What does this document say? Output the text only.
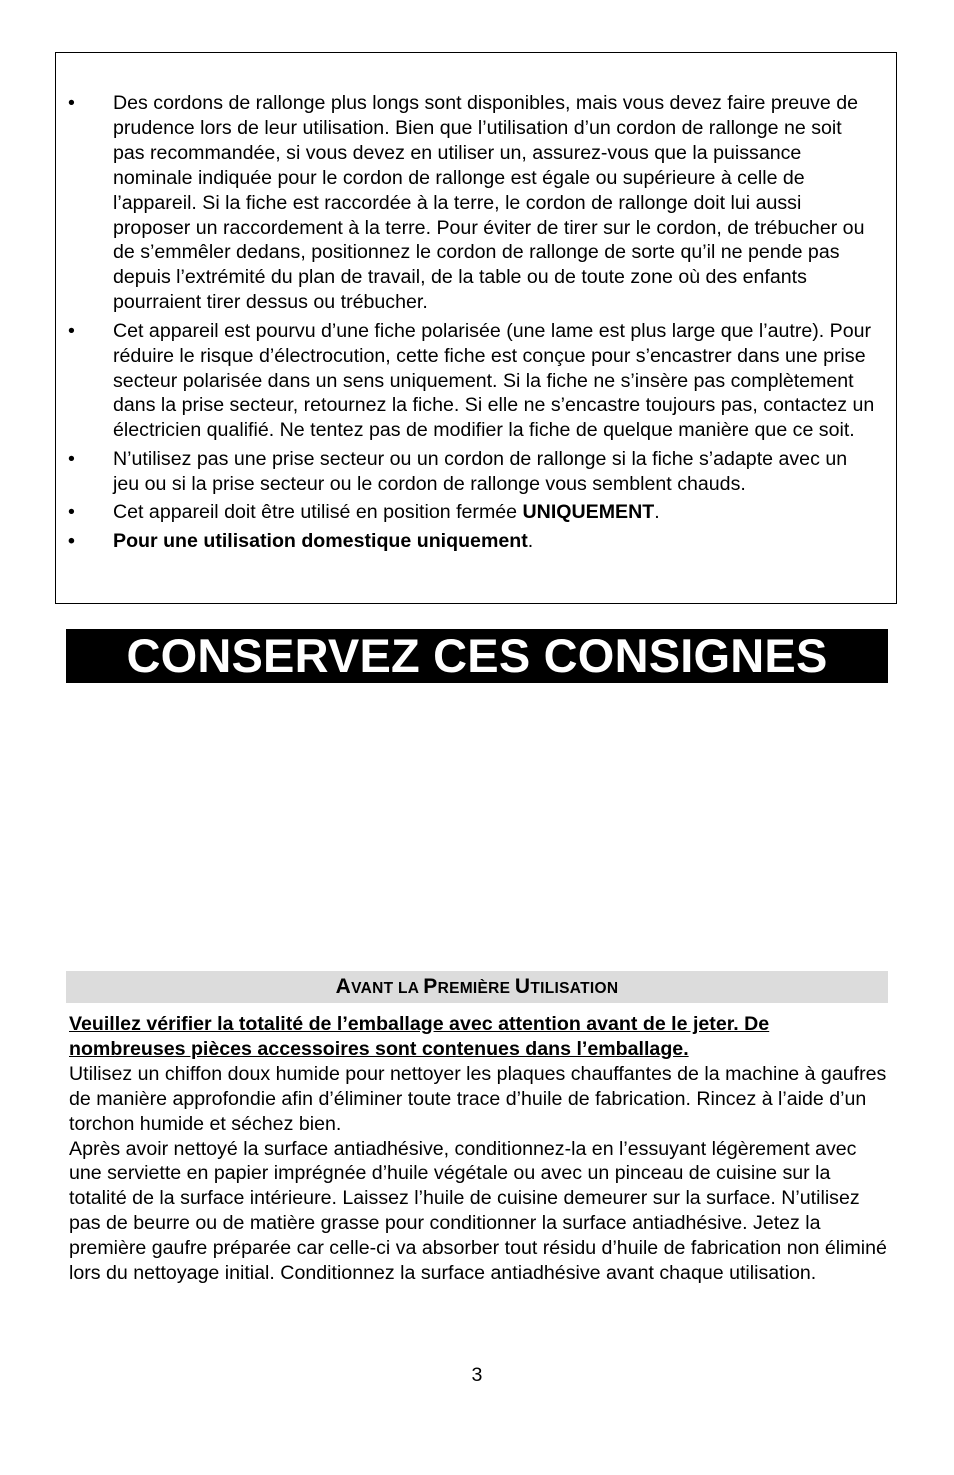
• Des cordons de rallonge plus longs sont disponibles, mais vous devez faire preuve de prudence lors de leur utilisation. Bien que l’utilisation d’un cordon de rallonge ne soit pas recommandée, si vous devez en utiliser un, assurez-vous que la puissance nominale indiquée pour le cordon de rallonge est égale ou supérieure à celle de l’appareil. Si la fiche est raccordée à la terre, le cordon de rallonge doit lui aussi proposer un raccordement à la terre. Pour éviter de tirer sur le cordon, de trébucher ou de s’emmêler dedans, positionnez le cordon de rallonge de sorte qu’il ne pende pas depuis l’extrémité du plan de travail, de la table ou de toute zone où des enfants pourraient tirer dessus ou trébucher.
• Cet appareil est pourvu d’une fiche polarisée (une lame est plus large que l’autre). Pour réduire le risque d’électrocution, cette fiche est conçue pour s’encastrer dans une prise secteur polarisée dans un sens uniquement. Si la fiche ne s’insère pas complètement dans la prise secteur, retournez la fiche. Si elle ne s’encastre toujours pas, contactez un électricien qualifié. Ne tentez pas de modifier la fiche de quelque manière que ce soit.
• N’utilisez pas une prise secteur ou un cordon de rallonge si la fiche s’adapte avec un jeu ou si la prise secteur ou le cordon de rallonge vous semblent chauds.
• Cet appareil doit être utilisé en position fermée UNIQUEMENT.
• Pour une utilisation domestique uniquement.
CONSERVEZ CES CONSIGNES
AVANT LA PREMIÈRE UTILISATION

Veuillez vérifier la totalité de l’emballage avec attention avant de le jeter. De nombreuses pièces accessoires sont contenues dans l’emballage.

Utilisez un chiffon doux humide pour nettoyer les plaques chauffantes de la machine à gaufres de manière approfondie afin d’éliminer toute trace d’huile de fabrication. Rincez à l’aide d’un torchon humide et séchez bien.

Après avoir nettoyé la surface antiadhésive, conditionnez-la en l’essuyant légèrement avec une serviette en papier imprégnée d’huile végétale ou avec un pinceau de cuisine sur la totalité de la surface intérieure. Laissez l’huile de cuisine demeurer sur la surface. N’utilisez pas de beurre ou de matière grasse pour conditionner la surface antiadhésive. Jetez la première gaufre préparée car celle-ci va absorber tout résidu d’huile de fabrication non éliminé lors du nettoyage initial. Conditionnez la surface antiadhésive avant chaque utilisation.

3
